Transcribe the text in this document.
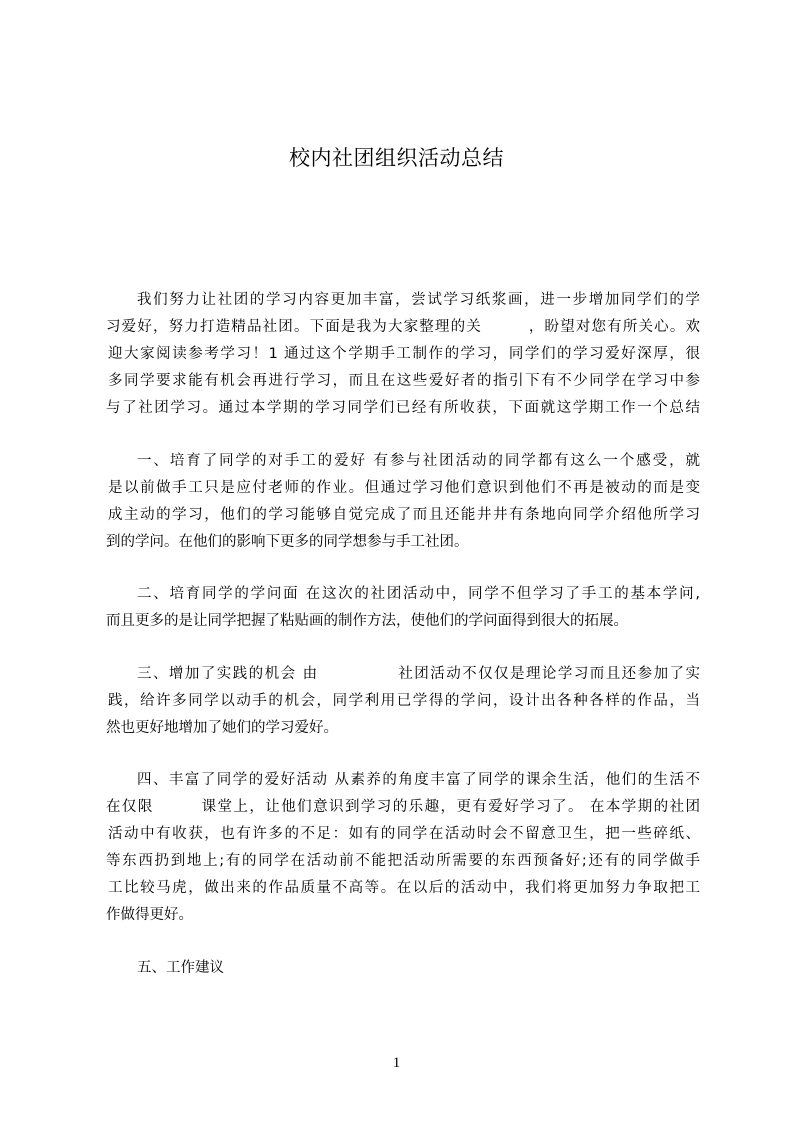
校内社团组织活动总结
我们努力让社团的学习内容更加丰富，尝试学习纸浆画，进一步增加同学们的学
习爱好，努力打造精品社团。下面是我为大家整理的关　　　，盼望对您有所关心。欢
迎大家阅读参考学习！1 通过这个学期手工制作的学习，同学们的学习爱好深厚，很
多同学要求能有机会再进行学习，而且在这些爱好者的指引下有不少同学在学习中参
与了社团学习。通过本学期的学习同学们已经有所收获，下面就这学期工作一个总结
一、培育了同学的对手工的爱好 有参与社团活动的同学都有这么一个感受，就
是以前做手工只是应付老师的作业。但通过学习他们意识到他们不再是被动的而是变
成主动的学习，他们的学习能够自觉完成了而且还能井井有条地向同学介绍他所学习
到的学问。在他们的影响下更多的同学想参与手工社团。
二、培育同学的学问面 在这次的社团活动中，同学不但学习了手工的基本学问,
而且更多的是让同学把握了粘贴画的制作方法，使他们的学问面得到很大的拓展。
三、增加了实践的机会 由　　　　　社团活动不仅仅是理论学习而且还参加了实
践，给许多同学以动手的机会，同学利用已学得的学问，设计出各种各样的作品，当
然也更好地增加了她们的学习爱好。
四、丰富了同学的爱好活动 从素养的角度丰富了同学的课余生活，他们的生活不
在仅限　　　课堂上，让他们意识到学习的乐趣，更有爱好学习了。 在本学期的社团
活动中有收获，也有许多的不足：如有的同学在活动时会不留意卫生，把一些碎纸、
等东西扔到地上;有的同学在活动前不能把活动所需要的东西预备好;还有的同学做手
工比较马虎，做出来的作品质量不高等。在以后的活动中，我们将更加努力争取把工
作做得更好。
五、工作建议
1
